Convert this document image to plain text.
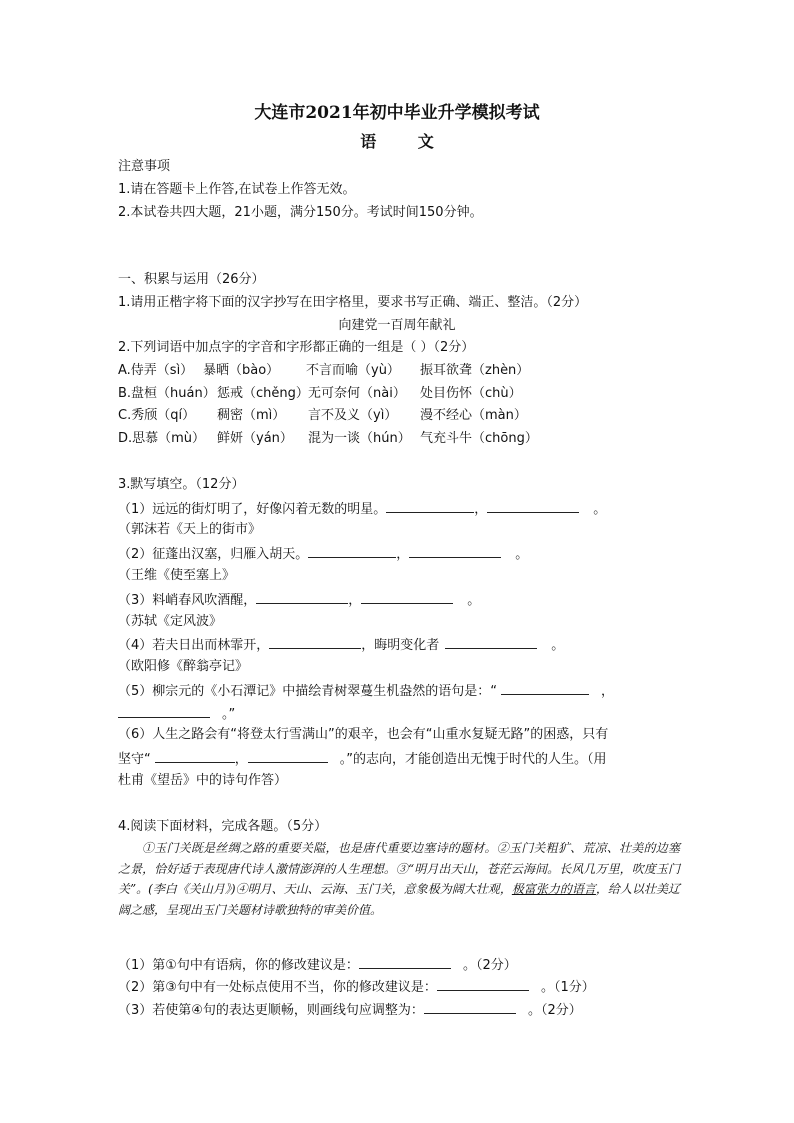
大连市2021年初中毕业升学模拟考试
语 文
注意事项
1.请在答题卡上作答,在试卷上作答无效。
2.本试卷共四大题，21小题，满分150分。考试时间150分钟。
一、积累与运用（26分）
1.请用正楷字将下面的汉字抄写在田字格里，要求书写正确、端正、整洁。（2分）
向建党一百周年献礼
2.下列词语中加点字的字音和字形都正确的一组是（ ）（2分）
A.侍弄（sì） 暴晒（bào） 不言而喻（yù） 振耳欲聋（zhèn）
B.盘桓（huán） 惩戒（chěng） 无可奈何（nài） 处目伤怀（chù）
C.秀颀（qí） 稠密（mì） 言不及义（yì） 漫不经心（màn）
D.思慕（mù） 鲜妍（yán） 混为一谈（hún） 气充斗牛（chōng）
3.默写填空。（12分）
（1）远远的街灯明了，好像闪着无数的明星。	，	。
（郭沫若《天上的街市》
（2）征蓬出汉塞，归雁入胡天。	，	。
（王维《使至塞上》
（3）料峭春风吹酒醒，	，	。
（苏轼《定风波》
（4）若夫日出而林霏开，	，晦明变化者	。
（欧阳修《醉翁亭记》
（5）柳宗元的《小石潭记》中描绘青树翠蔓生机盎然的语句是：“	，
。”
（6）人生之路会有“将登太行雪满山”的艰辛，也会有“山重水复疑无路”的困惑，只有
坚守“	，	。”的志向，才能创造出无愧于时代的人生。（用
杜甫《望岳》中的诗句作答）
4.阅读下面材料，完成各题。（5分）
①玉门关既是丝绸之路的重要关隘，也是唐代重要边塞诗的题材。②玉门关粗犷、荒凉、壮美的边塞之景，恰好适于表现唐代诗人激情澎湃的人生理想。③“明月出天山，苍茫云海间。长风几万里，吹度玉门关”。(李白《关山月》)④明月、天山、云海、玉门关，意象极为阔大壮观，极富张力的语言，给人以壮美辽阔之感，呈现出玉门关题材诗歌独特的审美价值。
（1）第①句中有语病，你的修改建议是：	。（2分）
（2）第③句中有一处标点使用不当，你的修改建议是：	。（1分）
（3）若使第④句的表达更顺畅，则画线句应调整为：	。（2分）
